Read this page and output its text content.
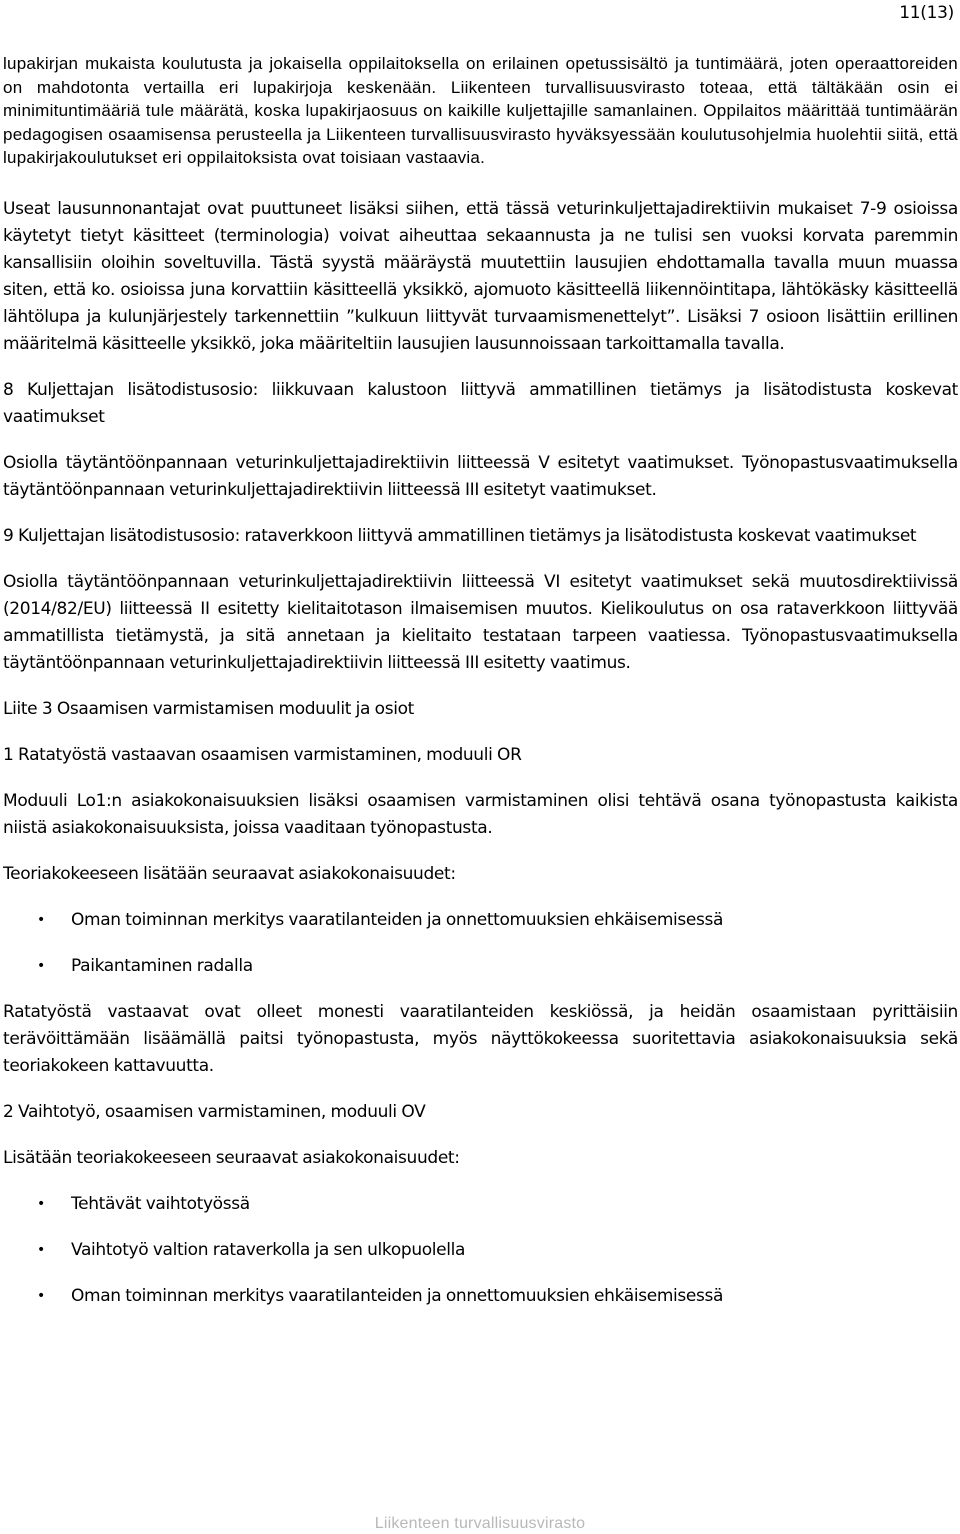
11(13)

lupakirjan mukaista koulutusta ja jokaisella oppilaitoksella on erilainen opetussisältö ja tuntimäärä, joten operaattoreiden on mahdotonta vertailla eri lupakirjoja keskenään. Liikenteen turvallisuusvirasto toteaa, että tältäkään osin ei minimituntimääriä tule määrätä, koska lupakirjaosuus on kaikille kuljettajille samanlainen. Oppilaitos määrittää tuntimäärän pedagogisen osaamisensa perusteella ja Liikenteen turvallisuusvirasto hyväksyessään koulutusohjelmia huolehtii siitä, että lupakirjakoulutukset eri oppilaitoksista ovat toisiaan vastaavia.

Useat lausunnonantajat ovat puuttuneet lisäksi siihen, että tässä veturinkuljettajadirektiivin mukaiset 7-9 osioissa käytetyt tietyt käsitteet (terminologia) voivat aiheuttaa sekaannusta ja ne tulisi sen vuoksi korvata paremmin kansallisiin oloihin soveltuvilla. Tästä syystä määräystä muutettiin lausujien ehdottamalla tavalla muun muassa siten, että ko. osioissa juna korvattiin käsitteellä yksikkö, ajomuoto käsitteellä liikennöintitapa, lähtökäsky käsitteellä lähtölupa ja kulunjärjestely tarkennettiin ”kulkuun liittyvät turvaamismenettelyt”. Lisäksi 7 osioon lisättiin erillinen määritelmä käsitteelle yksikkö, joka määriteltiin lausujien lausunnoissaan tarkoittamalla tavalla.

8 Kuljettajan lisätodistusosio: liikkuvaan kalustoon liittyvä ammatillinen tietämys ja lisätodistusta koskevat vaatimukset

Osiolla täytäntöönpannaan veturinkuljettajadirektiivin liitteessä V esitetyt vaatimukset. Työnopastusvaatimuksella täytäntöönpannaan veturinkuljettajadirektiivin liitteessä III esitetyt vaatimukset.

9 Kuljettajan lisätodistusosio: rataverkkoon liittyvä ammatillinen tietämys ja lisätodistusta koskevat vaatimukset

Osiolla täytäntöönpannaan veturinkuljettajadirektiivin liitteessä VI esitetyt vaatimukset sekä muutosdirektiivissä (2014/82/EU) liitteessä II esitetty kielitaitotason ilmaisemisen muutos. Kielikoulutus on osa rataverkkoon liittyvää ammatillista tietämystä, ja sitä annetaan ja kielitaito testataan tarpeen vaatiessa. Työnopastusvaatimuksella täytäntöönpannaan veturinkuljettajadirektiivin liitteessä III esitetty vaatimus.

Liite 3 Osaamisen varmistamisen moduulit ja osiot

1 Ratatyöstä vastaavan osaamisen varmistaminen, moduuli OR

Moduuli Lo1:n asiakokonaisuuksien lisäksi osaamisen varmistaminen olisi tehtävä osana työnopastusta kaikista niistä asiakokonaisuuksista, joissa vaaditaan työnopastusta.

Teoriakokeeseen lisätään seuraavat asiakokonaisuudet:

• Oman toiminnan merkitys vaaratilanteiden ja onnettomuuksien ehkäisemisessä
• Paikantaminen radalla

Ratatyöstä vastaavat ovat olleet monesti vaaratilanteiden keskiössä, ja heidän osaamistaan pyrittäisiin terävöittämään lisäämällä paitsi työnopastusta, myös näyttökokeessa suoritettavia asiakokonaisuuksia sekä teoriakokeen kattavuutta.

2 Vaihtotyö, osaamisen varmistaminen, moduuli OV

Lisätään teoriakokeeseen seuraavat asiakokonaisuudet:

• Tehtävät vaihtotyössä
• Vaihtotyö valtion rataverkolla ja sen ulkopuolella
• Oman toiminnan merkitys vaaratilanteiden ja onnettomuuksien ehkäisemisessä
Liikenteen turvallisuusvirasto
